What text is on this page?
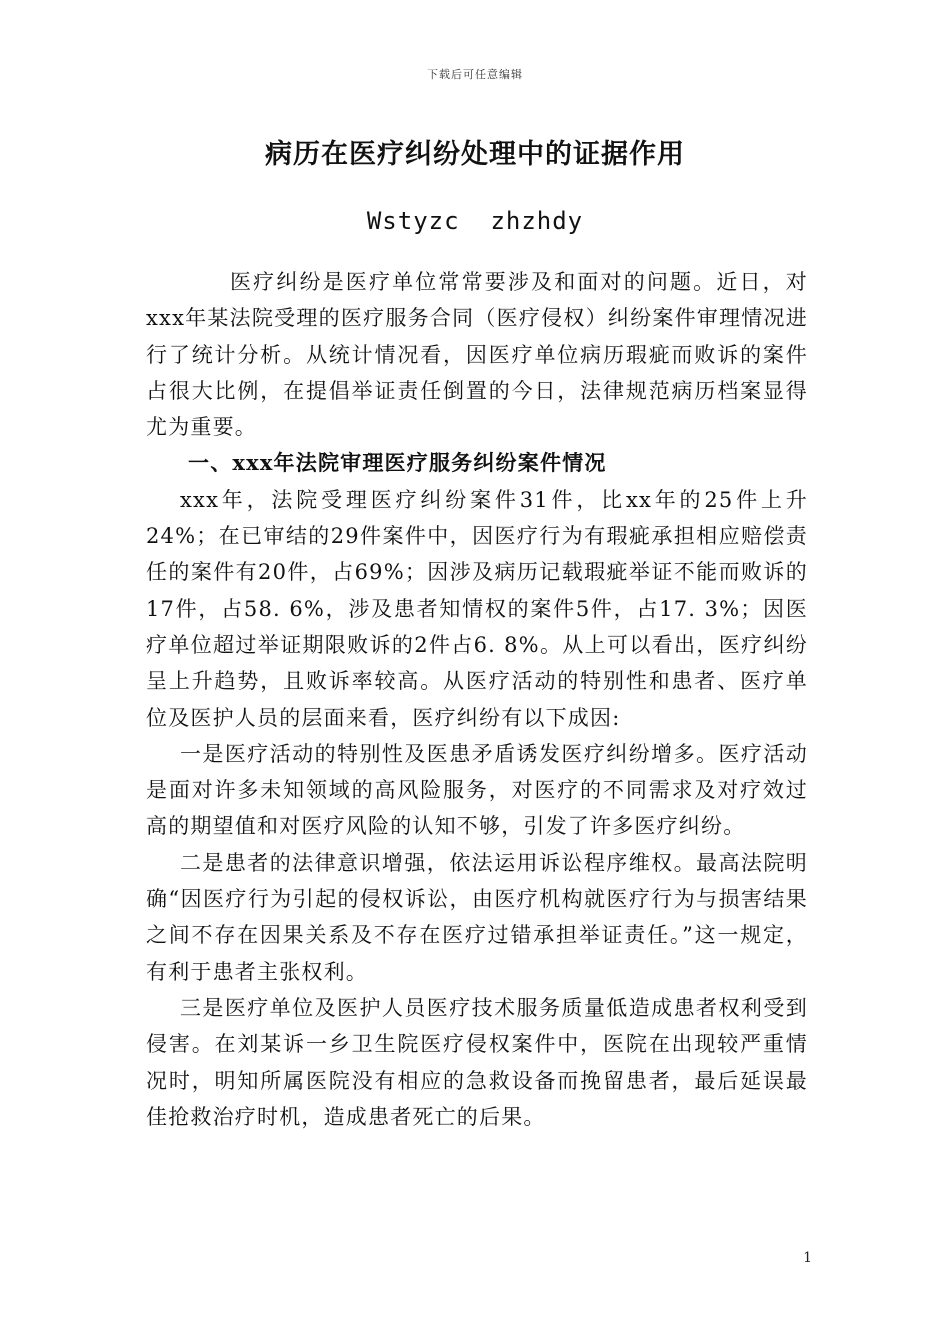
下载后可任意编辑
病历在医疗纠纷处理中的证据作用
Wstyzc  zhzhdy

医疗纠纷是医疗单位常常要涉及和面对的问题。近日，对xxx年某法院受理的医疗服务合同（医疗侵权）纠纷案件审理情况进行了统计分析。从统计情况看，因医疗单位病历瑕疵而败诉的案件占很大比例，在提倡举证责任倒置的今日，法律规范病历档案显得尤为重要。

一、xxx年法院审理医疗服务纠纷案件情况

xxx年，法院受理医疗纠纷案件31件，比xx年的25件上升24%；在已审结的29件案件中，因医疗行为有瑕疵承担相应赔偿责任的案件有20件，占69%；因涉及病历记载瑕疵举证不能而败诉的17件，占58. 6%，涉及患者知情权的案件5件，占17. 3%；因医疗单位超过举证期限败诉的2件占6. 8%。从上可以看出，医疗纠纷呈上升趋势，且败诉率较高。从医疗活动的特别性和患者、医疗单位及医护人员的层面来看，医疗纠纷有以下成因:

一是医疗活动的特别性及医患矛盾诱发医疗纠纷增多。医疗活动是面对许多未知领域的高风险服务，对医疗的不同需求及对疗效过高的期望值和对医疗风险的认知不够，引发了许多医疗纠纷。

二是患者的法律意识增强，依法运用诉讼程序维权。最高法院明确“因医疗行为引起的侵权诉讼，由医疗机构就医疗行为与损害结果之间不存在因果关系及不存在医疗过错承担举证责任。”这一规定，有利于患者主张权利。

三是医疗单位及医护人员医疗技术服务质量低造成患者权利受到侵害。在刘某诉一乡卫生院医疗侵权案件中，医院在出现较严重情况时，明知所属医院没有相应的急救设备而挽留患者，最后延误最佳抢救治疗时机，造成患者死亡的后果。

1
